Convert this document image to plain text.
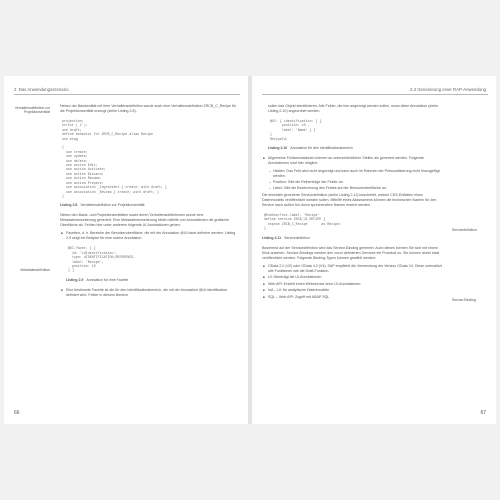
2 Das Anwendungsszenario
Verhaltensdefinition zur Projektionsentität
Metadatendefinition

Neben der Basisentität mit ihrer Verhaltensdefinition wurde auch eine Verhaltensdefinition ZRCB_C_Recipe für die Projektionsentität erzeugt (siehe Listing 2.8).

projection;
strict ( 2 );
use draft;
define behavior for ZRCB_C_Recipe alias Recipe
use etag

{
use create;
use update;
use delete;
use action Edit;
use action Activate;
use action Discard;
use action Resume;
use action Prepare;
use association _Ingredient { create; with draft; }
use association _Review { create; with draft; }
}
Listing 2.8 Verhaltensdefinition zur Projektionsentität

Neben den Basis- und Projektionsentitäten sowie deren Verhaltensdefinitionen wurde eine Metadatenerweiterung generiert. Eine Metadatenerweiterung bildet mithilfe von Annotationen die grafische Oberfläche ab. Fehlen hier unter anderem folgende UI-Annotationen gehen:

■ Facetten, d. h. Bereiche der Benutzeroberfläche, die mit der Annotation @UI.facet definiert werden. Listing 2.9 zeigt ein Beispiel für eine solche Annotation.
@UI.facet: [ {
id: 'idIdentification',
type: #IDENTIFICATION_REFERENCE,
label: 'Recipe',
position: 10
} ]
Listing 2.9 Annotation für eine Facette
■ Eine bestimmte Facette ist die für den Identifikationsbereich, die mit der Annotation @UI.identification definiert wird. Felder in diesem Bereich
66
2.3 Generierung einer RAP-Anwendung
Servicedefinition
Service-Binding

sollen das Objekt identifizieren. Alle Felder, die hier angezeigt werden sollen, muss diese Annotation (siehe Listing 2.10) zugeordnet werden.

@UI: { identification: [ {
position: 10 ,
label: 'Name' } ]
}
RecipeId;
Listing 2.10 Annotation für den Identifikationsbereich
■ Allgemeine Feldannotationen können an unterschiedlichen Stellen als generiert werden. Folgende Annotationen sind hier möglich:
– Hidden: Das Feld wird nicht angezeigt und kann auch im Rahmen der Personalisierung nicht hinzugefügt werden.
– Position: Gibt die Reihenfolge der Felder an.
– Label: Gibt die Bezeichnung des Feldes auf der Benutzeroberfläche an.

Die ebenfalls generierte Servicedefinition (siehe Listing 2.11) beschreibt, welche CDS-Entitäten eines Datenmodells veröffentlicht werden sollen. Mithilfe eines Aliasnamens können die technischen Namen für den Service nach außen hin durch sprechendere Namen ersetzt werden.

@EndUserText.label: 'Recipe'
define service ZRCB_UI_RECIPE {
expose ZRCB_C_Recipe       as Recipe;
}
Listing 2.11 Servicedefinition

Basierend auf der Servicedefinition wird das Service-Binding generiert. Auch dieses können Sie sich mit einem Klick ansehen. Service-Bindings werden den zuvor definierten Services ein Protokoll zu. Sie können direkt lokal veröffentlicht werden. Folgende Binding-Typen können gewählt werden:

■ OData 2.0 (V2) oder OData 4.0 (V4): SAP empfiehlt die Verwendung der Version OData V4. Diese unterstützt alle Funktionen wie die Draft-Funktion.
■ UI: Überträgt die UI-Annotationen.
■ Web API: Erstellt einen Webservice ohne UI-Annotationen.
■ InA – UI: für analytische Datenmodelle
■ SQL – Web API: Zugriff mit ABAP SQL
67
